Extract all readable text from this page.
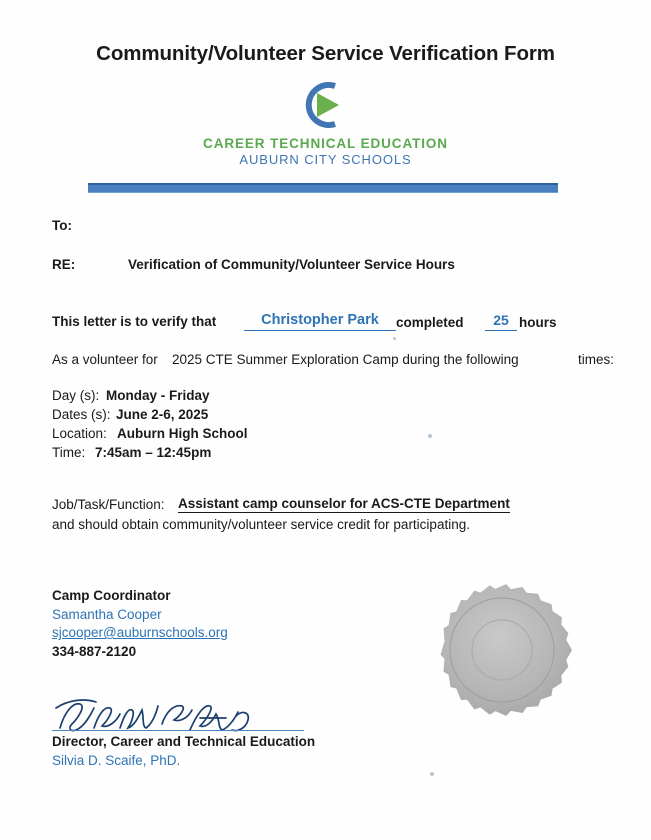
Community/Volunteer Service Verification Form
CAREER TECHNICAL EDUCATION
AUBURN CITY SCHOOLS
To:
RE:	Verification of Community/Volunteer Service Hours
This letter is to verify that	Christopher Park	completed	25 hours
As a volunteer for 2025 CTE Summer Exploration Camp during the following	times:
Day (s): Monday - Friday
Dates (s): June 2-6, 2025
Location: Auburn High School
Time: 7:45am – 12:45pm
Job/Task/Function: Assistant camp counselor for ACS-CTE Department
and should obtain community/volunteer service credit for participating.
Camp Coordinator
Samantha Cooper
sjcooper@auburnschools.org
334-887-2120
Director, Career and Technical Education
Silvia D. Scaife, PhD.
